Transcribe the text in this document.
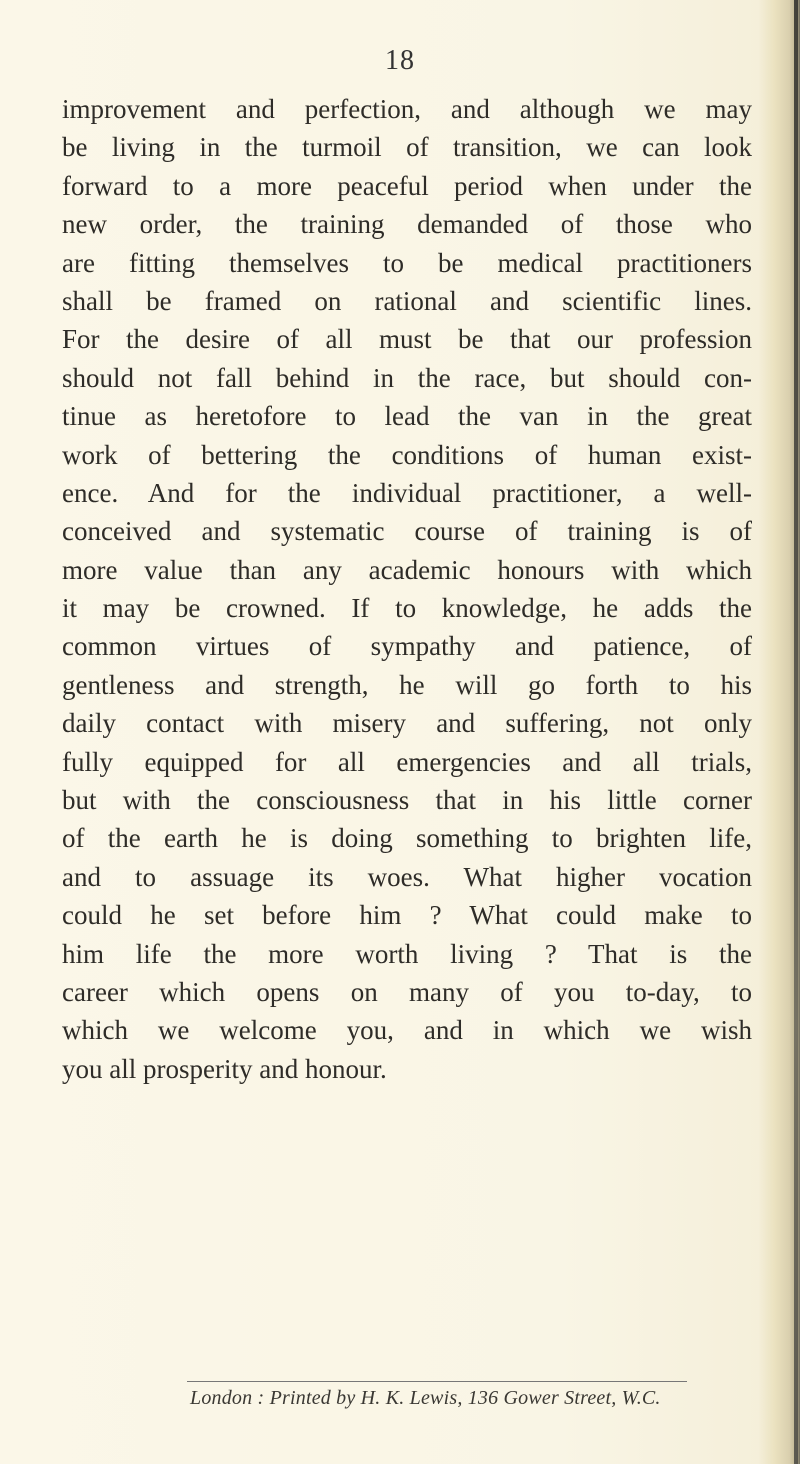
18
improvement and perfection, and although we may
be living in the turmoil of transition, we can look
forward to a more peaceful period when under the
new order, the training demanded of those who
are fitting themselves to be medical practitioners
shall be framed on rational and scientific lines.
For the desire of all must be that our profession
should not fall behind in the race, but should con-
tinue as heretofore to lead the van in the great
work of bettering the conditions of human exist-
ence. And for the individual practitioner, a well-
conceived and systematic course of training is of
more value than any academic honours with which
it may be crowned. If to knowledge, he adds the
common virtues of sympathy and patience, of
gentleness and strength, he will go forth to his
daily contact with misery and suffering, not only
fully equipped for all emergencies and all trials,
but with the consciousness that in his little corner
of the earth he is doing something to brighten life,
and to assuage its woes. What higher vocation
could he set before him ? What could make to
him life the more worth living ? That is the
career which opens on many of you to-day, to
which we welcome you, and in which we wish
you all prosperity and honour.
London : Printed by H. K. Lewis, 136 Gower Street, W.C.
